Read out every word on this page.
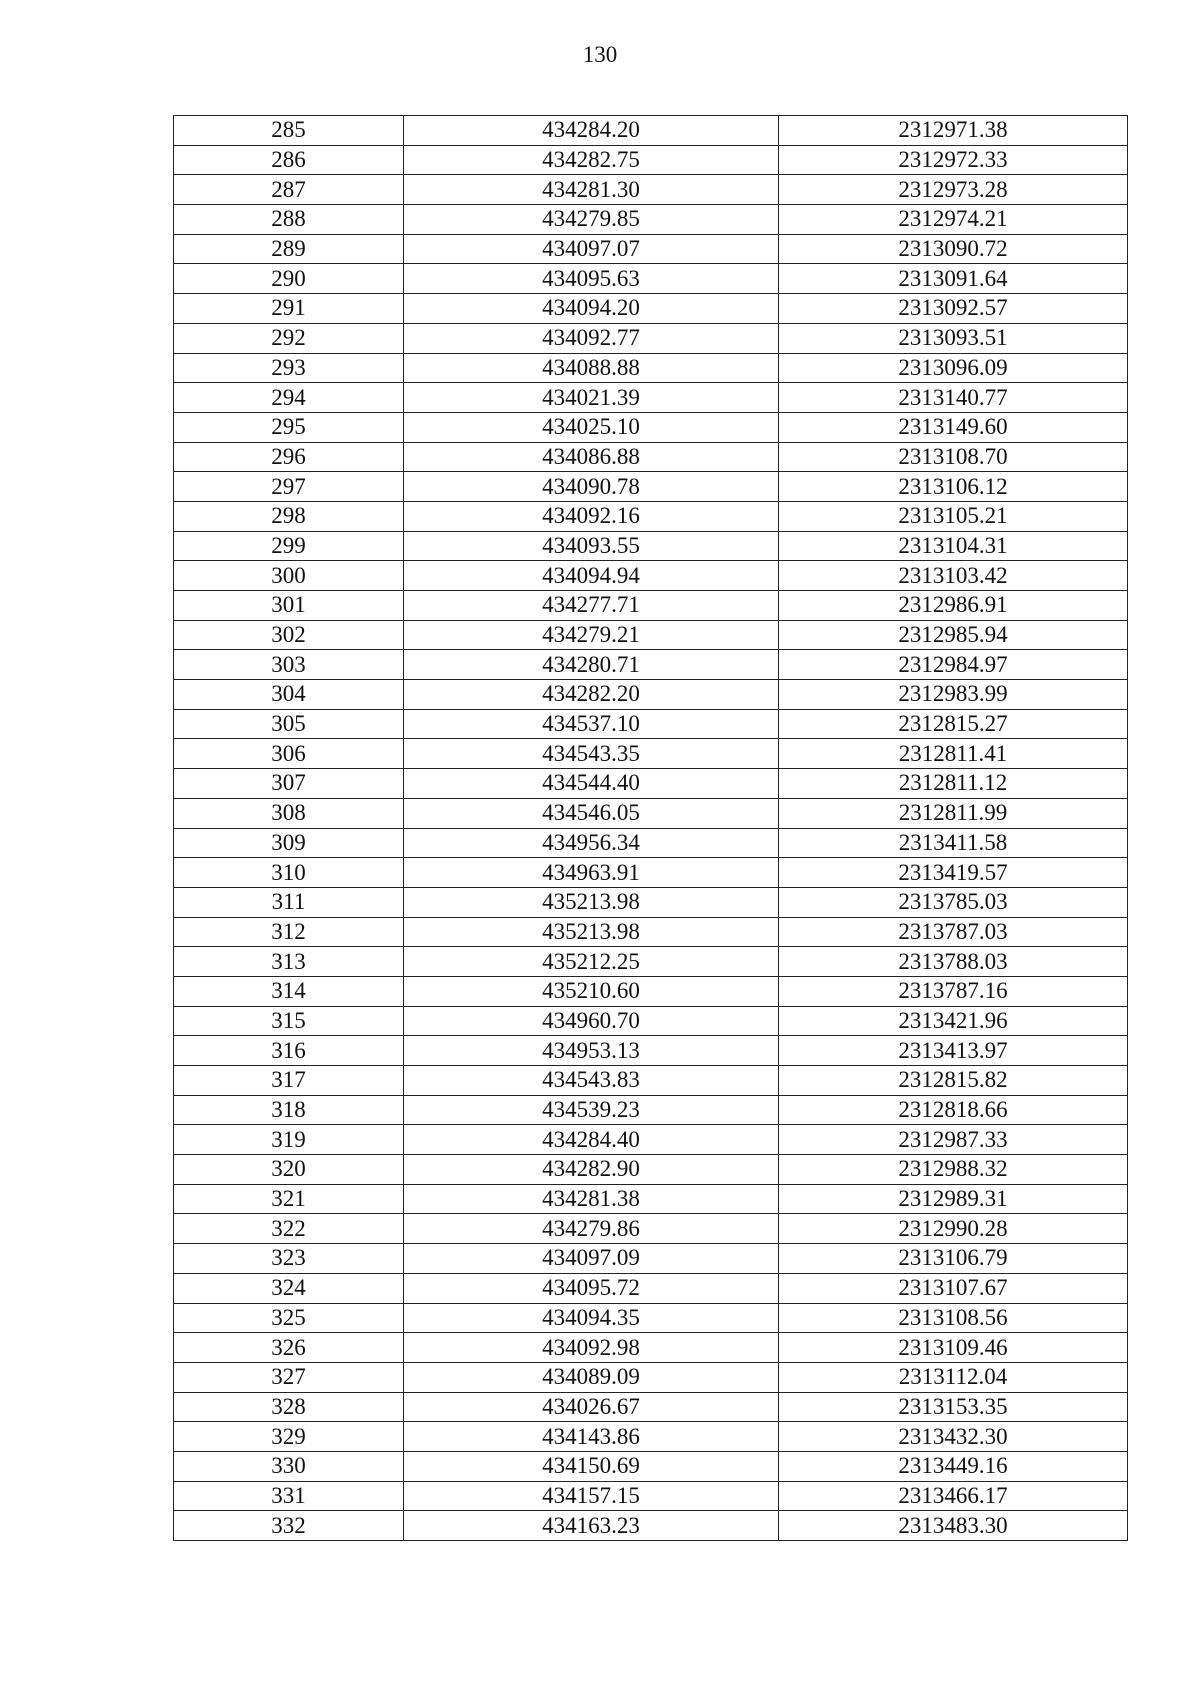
130
285	434284.20	2312971.38
286	434282.75	2312972.33
287	434281.30	2312973.28
288	434279.85	2312974.21
289	434097.07	2313090.72
290	434095.63	2313091.64
291	434094.20	2313092.57
292	434092.77	2313093.51
293	434088.88	2313096.09
294	434021.39	2313140.77
295	434025.10	2313149.60
296	434086.88	2313108.70
297	434090.78	2313106.12
298	434092.16	2313105.21
299	434093.55	2313104.31
300	434094.94	2313103.42
301	434277.71	2312986.91
302	434279.21	2312985.94
303	434280.71	2312984.97
304	434282.20	2312983.99
305	434537.10	2312815.27
306	434543.35	2312811.41
307	434544.40	2312811.12
308	434546.05	2312811.99
309	434956.34	2313411.58
310	434963.91	2313419.57
311	435213.98	2313785.03
312	435213.98	2313787.03
313	435212.25	2313788.03
314	435210.60	2313787.16
315	434960.70	2313421.96
316	434953.13	2313413.97
317	434543.83	2312815.82
318	434539.23	2312818.66
319	434284.40	2312987.33
320	434282.90	2312988.32
321	434281.38	2312989.31
322	434279.86	2312990.28
323	434097.09	2313106.79
324	434095.72	2313107.67
325	434094.35	2313108.56
326	434092.98	2313109.46
327	434089.09	2313112.04
328	434026.67	2313153.35
329	434143.86	2313432.30
330	434150.69	2313449.16
331	434157.15	2313466.17
332	434163.23	2313483.30
